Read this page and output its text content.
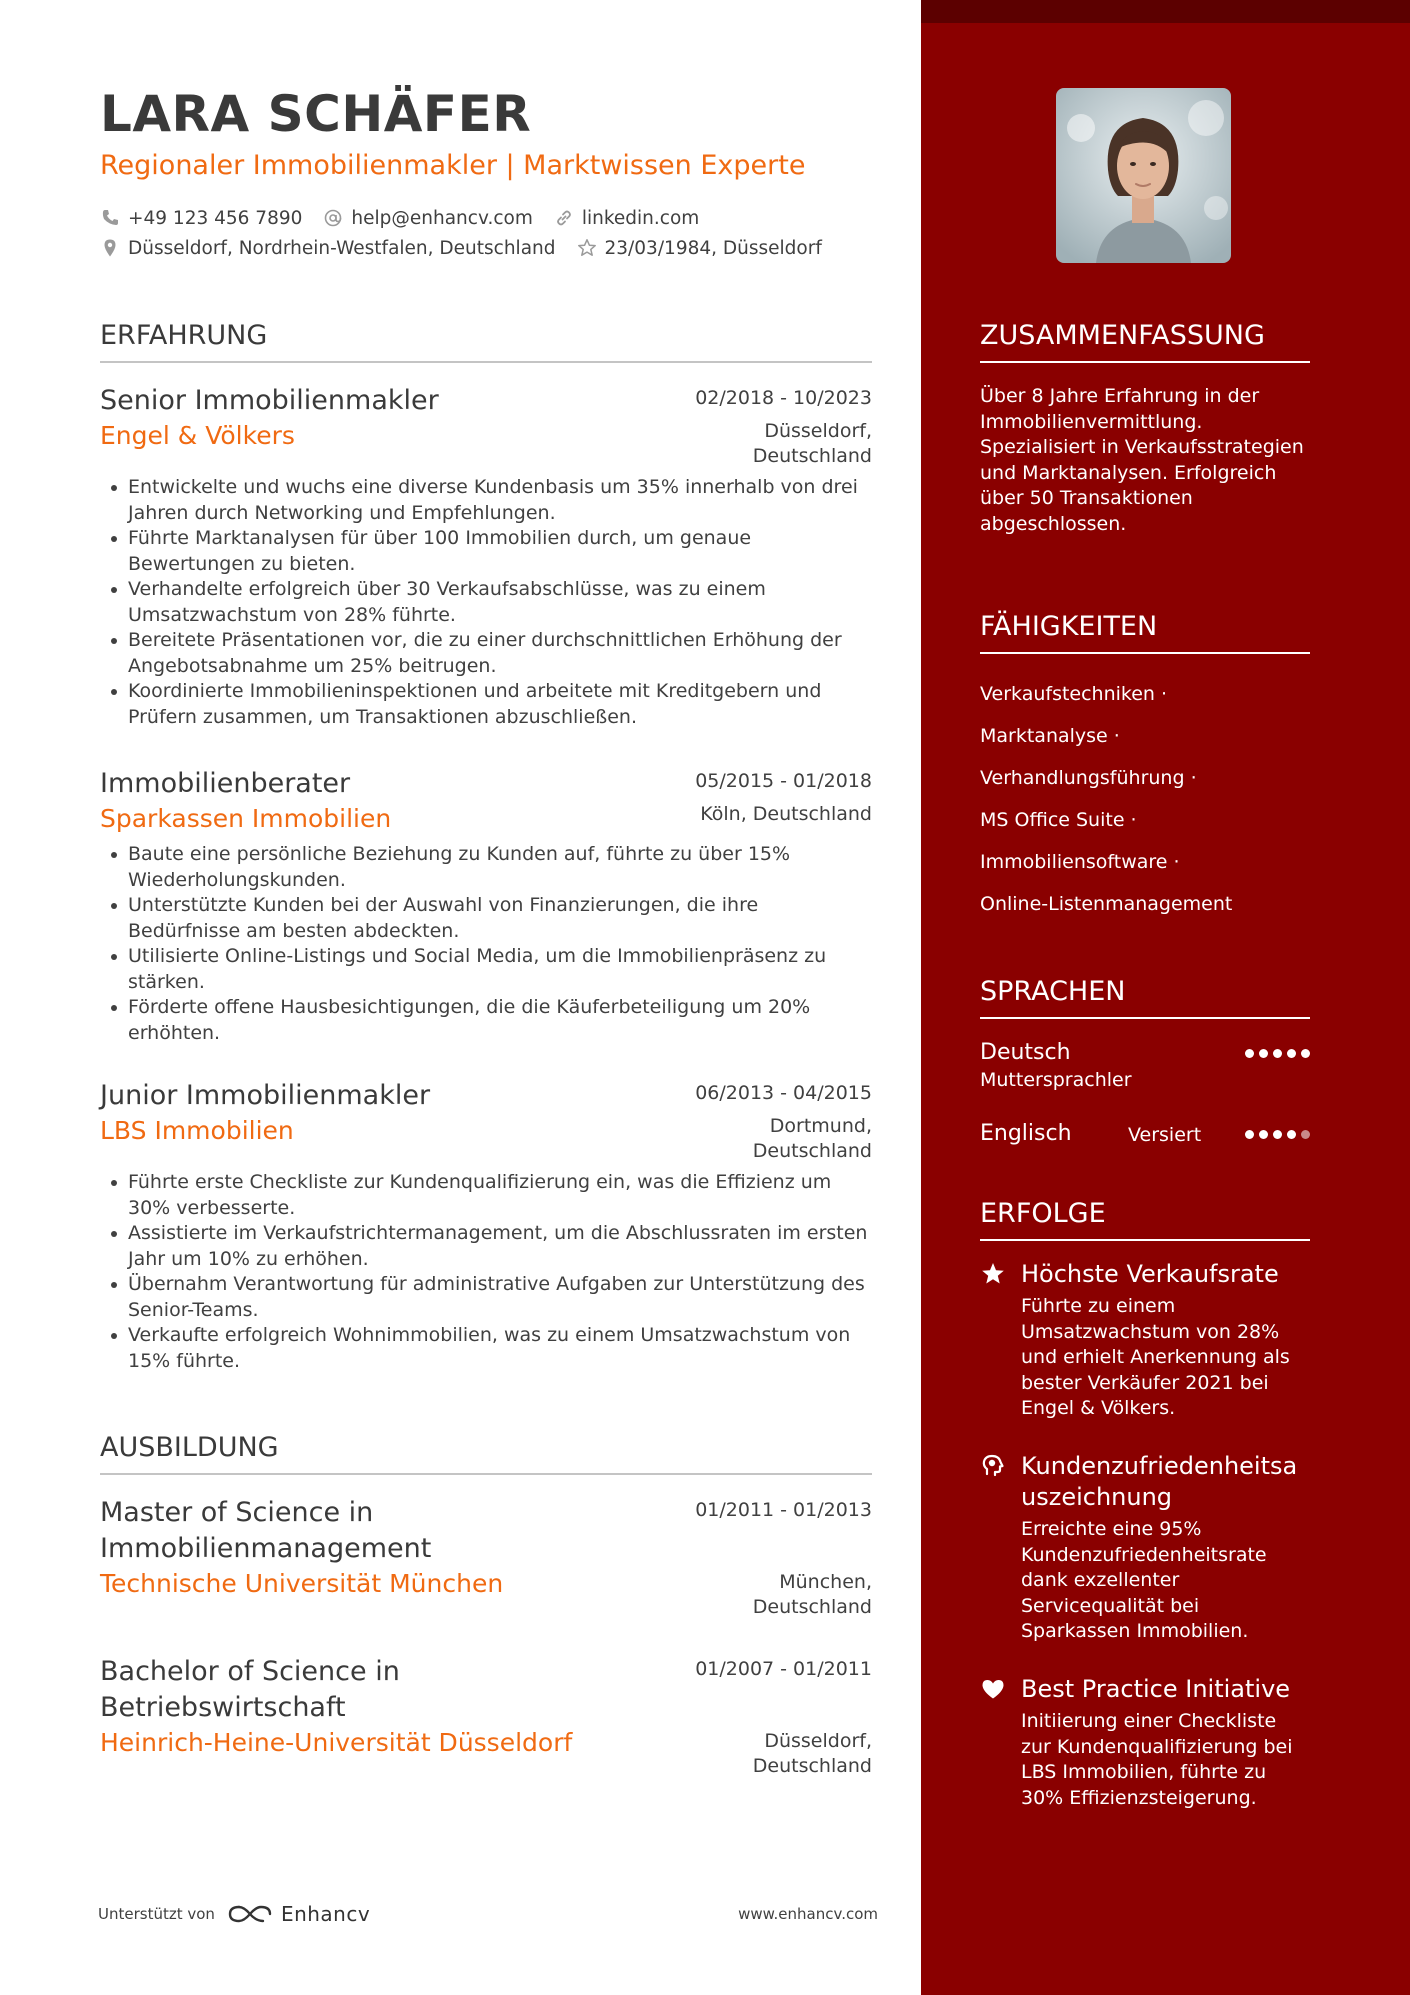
LARA SCHÄFER
Regionaler Immobilienmakler | Marktwissen Experte
+49 123 456 7890	help@enhancv.com	linkedin.com
Düsseldorf, Nordrhein-Westfalen, Deutschland	23/03/1984, Düsseldorf
ERFAHRUNG
Senior Immobilienmakler	02/2018 - 10/2023
Engel & Völkers	Düsseldorf,
Deutschland
Entwickelte und wuchs eine diverse Kundenbasis um 35% innerhalb von drei Jahren durch Networking und Empfehlungen.
Führte Marktanalysen für über 100 Immobilien durch, um genaue Bewertungen zu bieten.
Verhandelte erfolgreich über 30 Verkaufsabschlüsse, was zu einem Umsatzwachstum von 28% führte.
Bereitete Präsentationen vor, die zu einer durchschnittlichen Erhöhung der Angebotsabnahme um 25% beitrugen.
Koordinierte Immobilieninspektionen und arbeitete mit Kreditgebern und Prüfern zusammen, um Transaktionen abzuschließen.
Immobilienberater	05/2015 - 01/2018
Sparkassen Immobilien	Köln, Deutschland
Baute eine persönliche Beziehung zu Kunden auf, führte zu über 15% Wiederholungskunden.
Unterstützte Kunden bei der Auswahl von Finanzierungen, die ihre Bedürfnisse am besten abdeckten.
Utilisierte Online-Listings und Social Media, um die Immobilienpräsenz zu stärken.
Förderte offene Hausbesichtigungen, die die Käuferbeteiligung um 20% erhöhten.
Junior Immobilienmakler	06/2013 - 04/2015
LBS Immobilien	Dortmund,
Deutschland
Führte erste Checkliste zur Kundenqualifizierung ein, was die Effizienz um 30% verbesserte.
Assistierte im Verkaufstrichtermanagement, um die Abschlussraten im ersten Jahr um 10% zu erhöhen.
Übernahm Verantwortung für administrative Aufgaben zur Unterstützung des Senior-Teams.
Verkaufte erfolgreich Wohnimmobilien, was zu einem Umsatzwachstum von 15% führte.
AUSBILDUNG
Master of Science in
Immobilienmanagement
01/2011 - 01/2013
Technische Universität München	München,
Deutschland
Bachelor of Science in
Betriebswirtschaft
01/2007 - 01/2011
Heinrich-Heine-Universität Düsseldorf	Düsseldorf,
Deutschland
Unterstützt von	Enhancv	www.enhancv.com
ZUSAMMENFASSUNG
Über 8 Jahre Erfahrung in der Immobilienvermittlung. Spezialisiert in Verkaufsstrategien und Marktanalysen. Erfolgreich über 50 Transaktionen abgeschlossen.
FÄHIGKEITEN
Verkaufstechniken ·
Marktanalyse ·
Verhandlungsführung ·
MS Office Suite ·
Immobiliensoftware ·
Online-Listenmanagement
SPRACHEN
Deutsch
Muttersprachler
Englisch	Versiert
ERFOLGE
Höchste Verkaufsrate
Führte zu einem Umsatzwachstum von 28% und erhielt Anerkennung als bester Verkäufer 2021 bei Engel & Völkers.
Kundenzufriedenheitsa
uszeichnung
Erreichte eine 95% Kundenzufriedenheitsrate dank exzellenter Servicequalität bei Sparkassen Immobilien.
Best Practice Initiative
Initiierung einer Checkliste zur Kundenqualifizierung bei LBS Immobilien, führte zu 30% Effizienzsteigerung.
